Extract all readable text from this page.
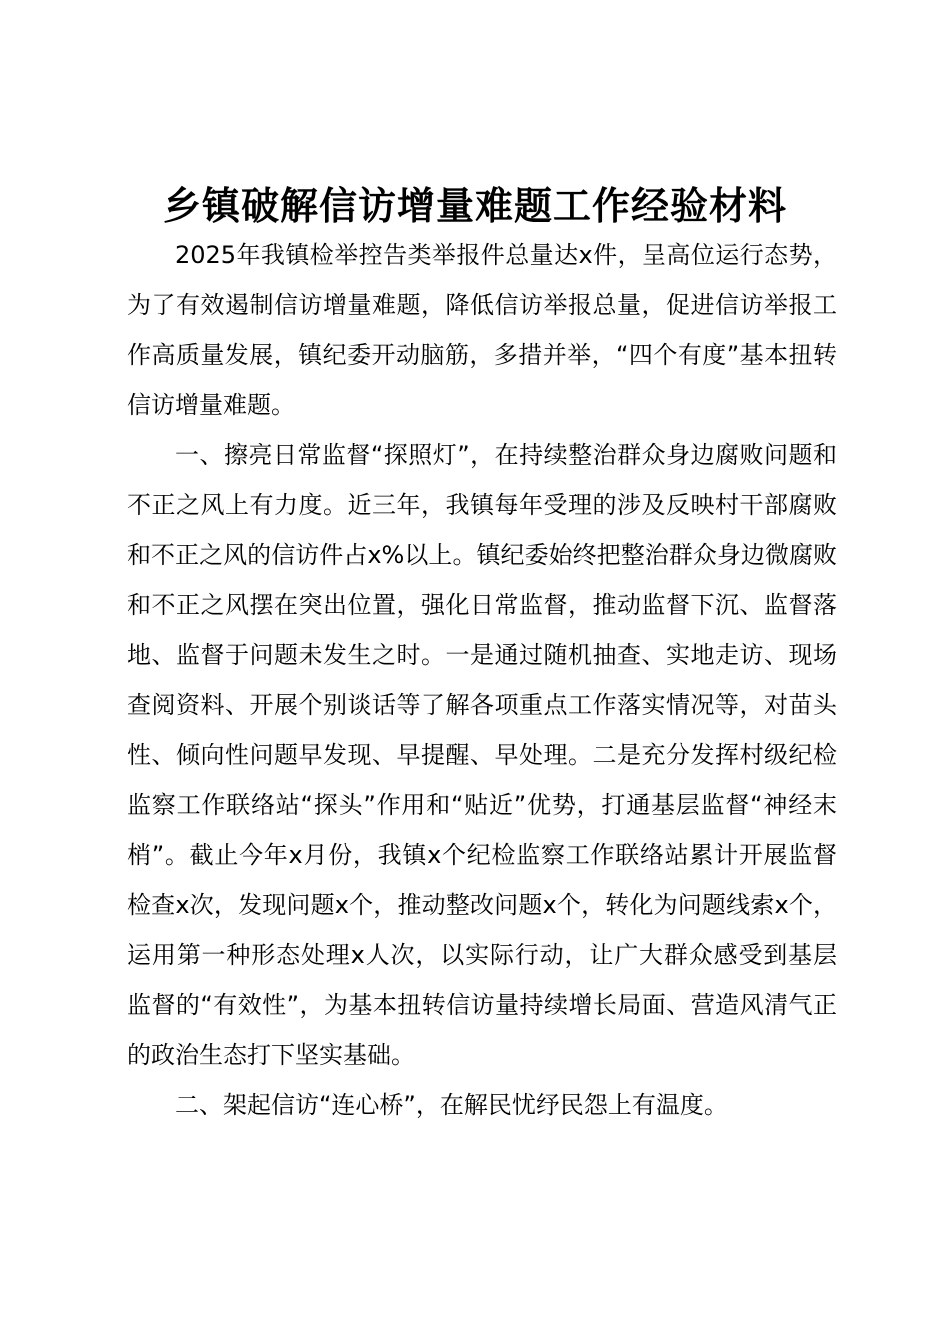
乡镇破解信访增量难题工作经验材料

2025年我镇检举控告类举报件总量达x件，呈高位运行态势，为了有效遏制信访增量难题，降低信访举报总量，促进信访举报工作高质量发展，镇纪委开动脑筋，多措并举，“四个有度”基本扭转信访增量难题。

一、擦亮日常监督“探照灯”，在持续整治群众身边腐败问题和不正之风上有力度。近三年，我镇每年受理的涉及反映村干部腐败和不正之风的信访件占x%以上。镇纪委始终把整治群众身边微腐败和不正之风摆在突出位置，强化日常监督，推动监督下沉、监督落地、监督于问题未发生之时。一是通过随机抽查、实地走访、现场查阅资料、开展个别谈话等了解各项重点工作落实情况等，对苗头性、倾向性问题早发现、早提醒、早处理。二是充分发挥村级纪检监察工作联络站“探头”作用和“贴近”优势，打通基层监督“神经末梢”。截止今年x月份，我镇x个纪检监察工作联络站累计开展监督检查x次，发现问题x个，推动整改问题x个，转化为问题线索x个，运用第一种形态处理x人次，以实际行动，让广大群众感受到基层监督的“有效性”，为基本扭转信访量持续增长局面、营造风清气正的政治生态打下坚实基础。

二、架起信访“连心桥”，在解民忧纾民怨上有温度。
